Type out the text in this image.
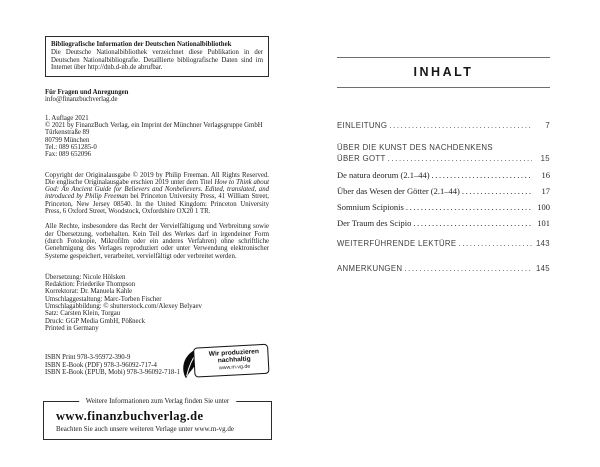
Bibliografische Information der Deutschen Nationalbibliothek
Die Deutsche Nationalbibliothek verzeichnet diese Publikation in der Deutschen Nationalbibliografie. Detaillierte bibliografische Daten sind im Internet über http://dnb.d-nb.de abrufbar.
Für Fragen und Anregungen
info@finanzbuchverlag.de
1. Auflage 2021
© 2021 by FinanzBuch Verlag, ein Imprint der Münchner Verlagsgruppe GmbH
Türkenstraße 89
80799 München
Tel.: 089 651285-0
Fax: 089 652096
Copyright der Originalausgabe © 2019 by Philip Freeman. All Rights Reserved. Die englische Originalausgabe erschien 2019 unter dem Titel How to Think about God: An Ancient Guide for Believers and Nonbelievers. Edited, translated, and introduced by Philip Freeman bei Princeton University Press, 41 William Street, Princeton, New Jersey 08540. In the United Kingdom: Princeton University Press, 6 Oxford Street, Woodstock, Oxfordshire OX20 1 TR.
Alle Rechte, insbesondere das Recht der Vervielfältigung und Verbreitung sowie der Übersetzung, vorbehalten. Kein Teil des Werkes darf in irgendeiner Form (durch Fotokopie, Mikrofilm oder ein anderes Verfahren) ohne schriftliche Genehmigung des Verlages reproduziert oder unter Verwendung elektronischer Systeme gespeichert, verarbeitet, vervielfältigt oder verbreitet werden.
Übersetzung: Nicole Hölsken
Redaktion: Friederike Thompson
Korrektorat: Dr. Manuela Kahle
Umschlaggestaltung: Marc-Torben Fischer
Umschlagabbildung: © shutterstock.com/Alexey Belyaev
Satz: Carsten Klein, Torgau
Druck: GGP Media GmbH, Pößneck
Printed in Germany
ISBN Print 978-3-95972-390-9
ISBN E-Book (PDF) 978-3-96092-717-4
ISBN E-Book (EPUB, Mobi) 978-3-96092-718-1
Wir produzieren
nachhaltig
www.m-vg.de
Weitere Informationen zum Verlag finden Sie unter
www.finanzbuchverlag.de
Beachten Sie auch unsere weiteren Verlage unter www.m-vg.de
INHALT
EINLEITUNG .....	7
ÜBER DIE KUNST DES NACHDENKENS
ÜBER GOTT .....	15
De natura deorum (2.1–44) .....	16
Über das Wesen der Götter (2.1–44) .....	17
Somnium Scipionis .....	100
Der Traum des Scipio .....	101
WEITERFÜHRENDE LEKTÜRE .....	143
ANMERKUNGEN .....	145
